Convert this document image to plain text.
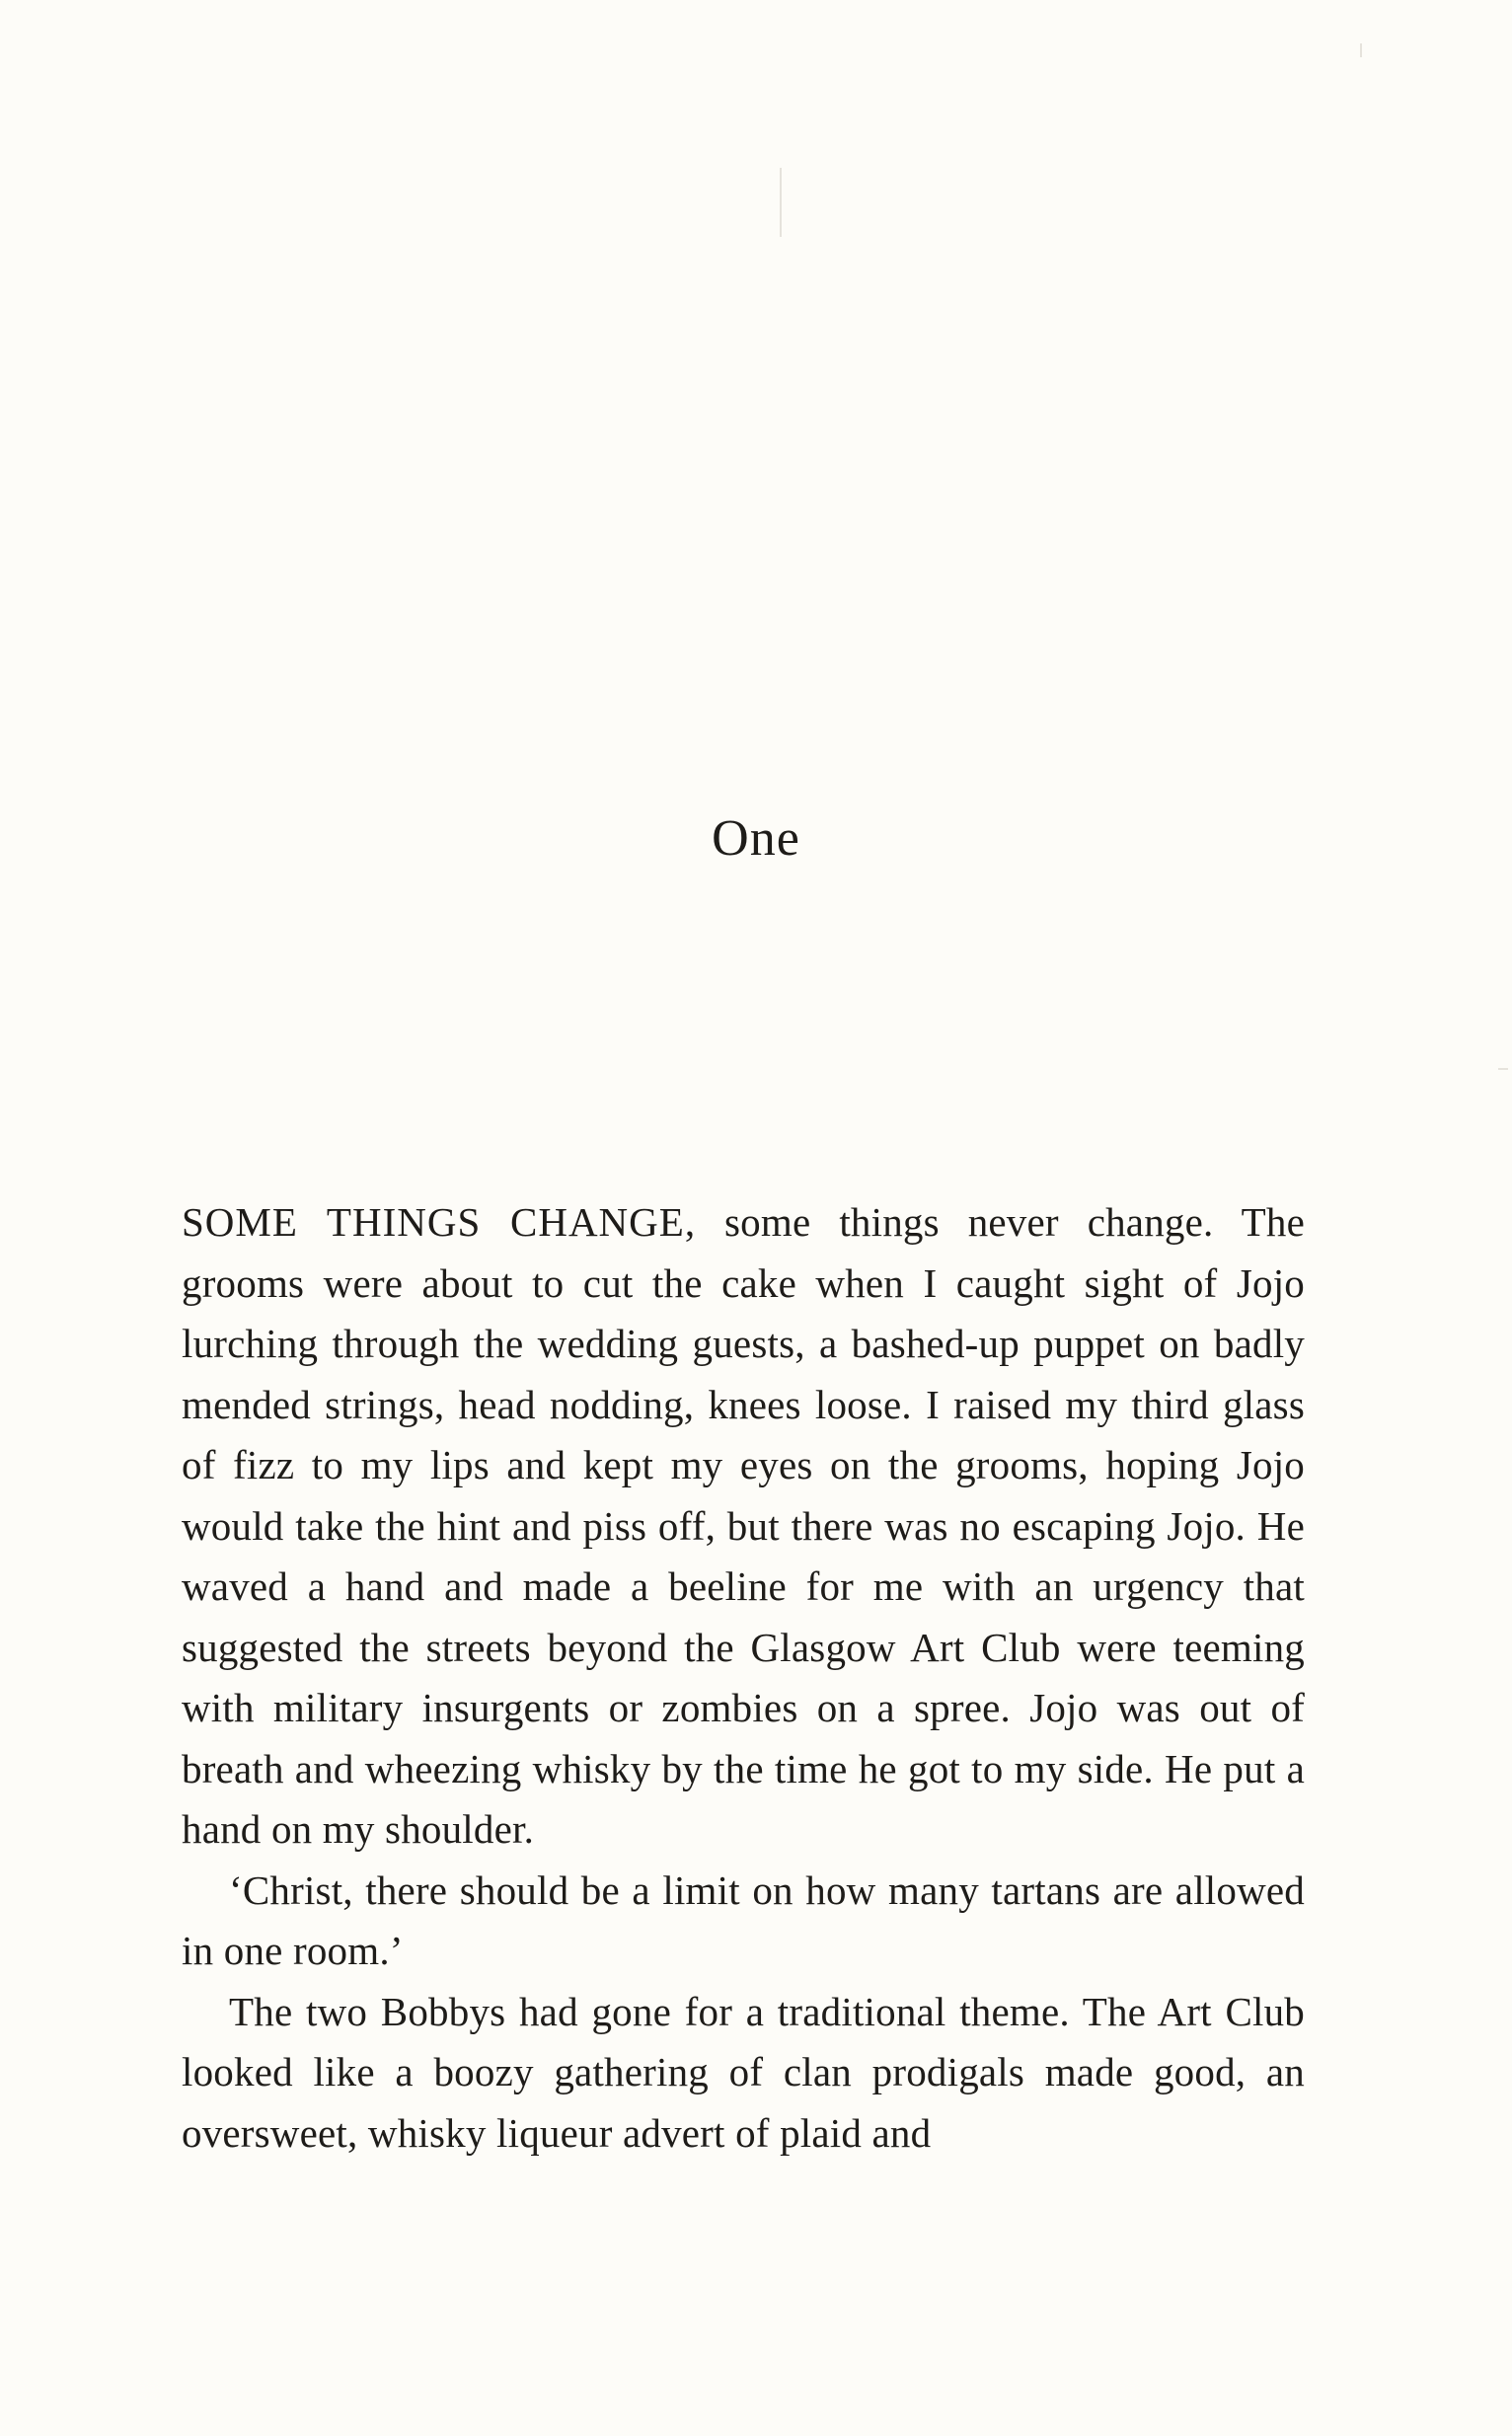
One

SOME THINGS CHANGE, some things never change. The grooms were about to cut the cake when I caught sight of Jojo lurching through the wedding guests, a bashed-up puppet on badly mended strings, head nodding, knees loose. I raised my third glass of fizz to my lips and kept my eyes on the grooms, hoping Jojo would take the hint and piss off, but there was no escaping Jojo. He waved a hand and made a beeline for me with an urgency that suggested the streets beyond the Glasgow Art Club were teeming with military insurgents or zombies on a spree. Jojo was out of breath and wheezing whisky by the time he got to my side. He put a hand on my shoulder.

‘Christ, there should be a limit on how many tartans are allowed in one room.’

The two Bobbys had gone for a traditional theme. The Art Club looked like a boozy gathering of clan prodigals made good, an oversweet, whisky liqueur advert of plaid and
